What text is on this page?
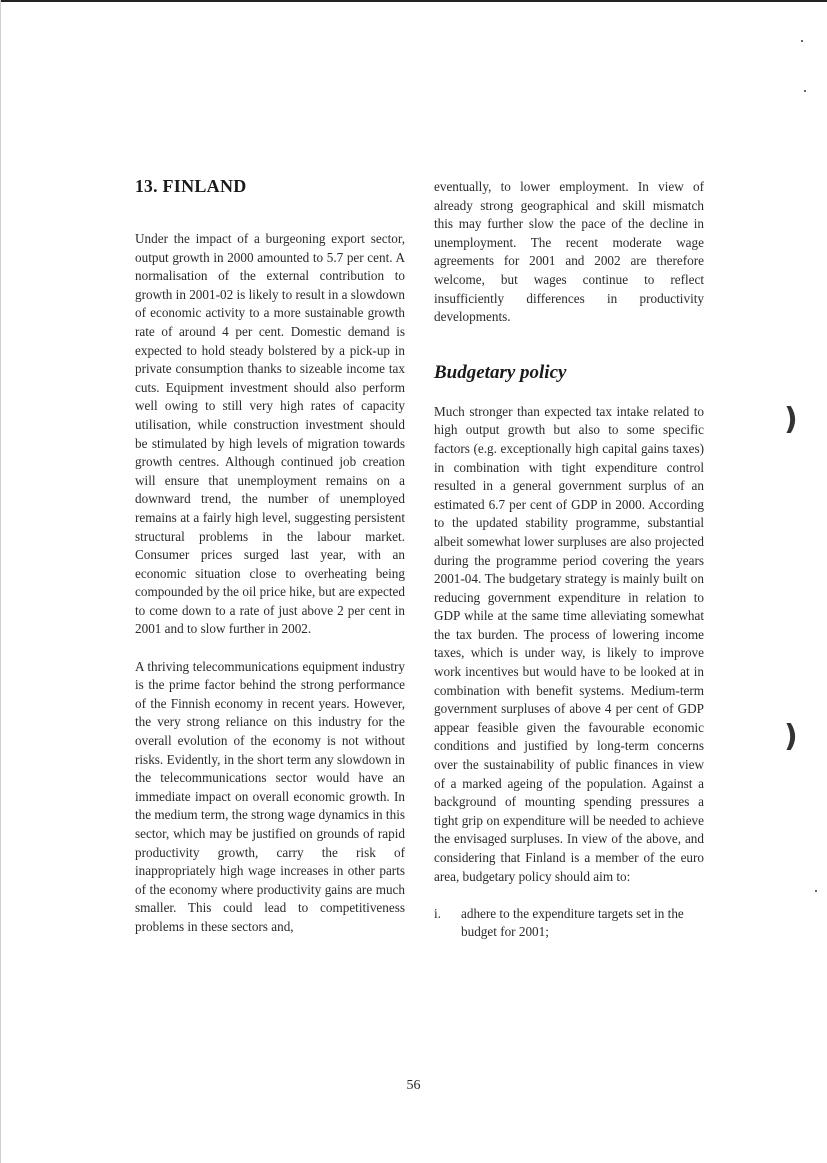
13. FINLAND

Under the impact of a burgeoning export sector, output growth in 2000 amounted to 5.7 per cent. A normalisation of the external contribution to growth in 2001-02 is likely to result in a slowdown of economic activity to a more sustainable growth rate of around 4 per cent. Domestic demand is expected to hold steady bolstered by a pick-up in private consumption thanks to sizeable income tax cuts. Equipment investment should also perform well owing to still very high rates of capacity utilisation, while construction investment should be stimulated by high levels of migration towards growth centres. Although continued job creation will ensure that unemployment remains on a downward trend, the number of unemployed remains at a fairly high level, suggesting persistent structural problems in the labour market. Consumer prices surged last year, with an economic situation close to overheating being compounded by the oil price hike, but are expected to come down to a rate of just above 2 per cent in 2001 and to slow further in 2002.

A thriving telecommunications equipment industry is the prime factor behind the strong performance of the Finnish economy in recent years. However, the very strong reliance on this industry for the overall evolution of the economy is not without risks. Evidently, in the short term any slowdown in the telecommunications sector would have an immediate impact on overall economic growth. In the medium term, the strong wage dynamics in this sector, which may be justified on grounds of rapid productivity growth, carry the risk of inappropriately high wage increases in other parts of the economy where productivity gains are much smaller. This could lead to competitiveness problems in these sectors and,

eventually, to lower employment. In view of already strong geographical and skill mismatch this may further slow the pace of the decline in unemployment. The recent moderate wage agreements for 2001 and 2002 are therefore welcome, but wages continue to reflect insufficiently differences in productivity developments.

Budgetary policy

Much stronger than expected tax intake related to high output growth but also to some specific factors (e.g. exceptionally high capital gains taxes) in combination with tight expenditure control resulted in a general government surplus of an estimated 6.7 per cent of GDP in 2000. According to the updated stability programme, substantial albeit somewhat lower surpluses are also projected during the programme period covering the years 2001-04. The budgetary strategy is mainly built on reducing government expenditure in relation to GDP while at the same time alleviating somewhat the tax burden. The process of lowering income taxes, which is under way, is likely to improve work incentives but would have to be looked at in combination with benefit systems. Medium-term government surpluses of above 4 per cent of GDP appear feasible given the favourable economic conditions and justified by long-term concerns over the sustainability of public finances in view of a marked ageing of the population. Against a background of mounting spending pressures a tight grip on expenditure will be needed to achieve the envisaged surpluses. In view of the above, and considering that Finland is a member of the euro area, budgetary policy should aim to:

i.	adhere to the expenditure targets set in the budget for 2001;
56
)
)
